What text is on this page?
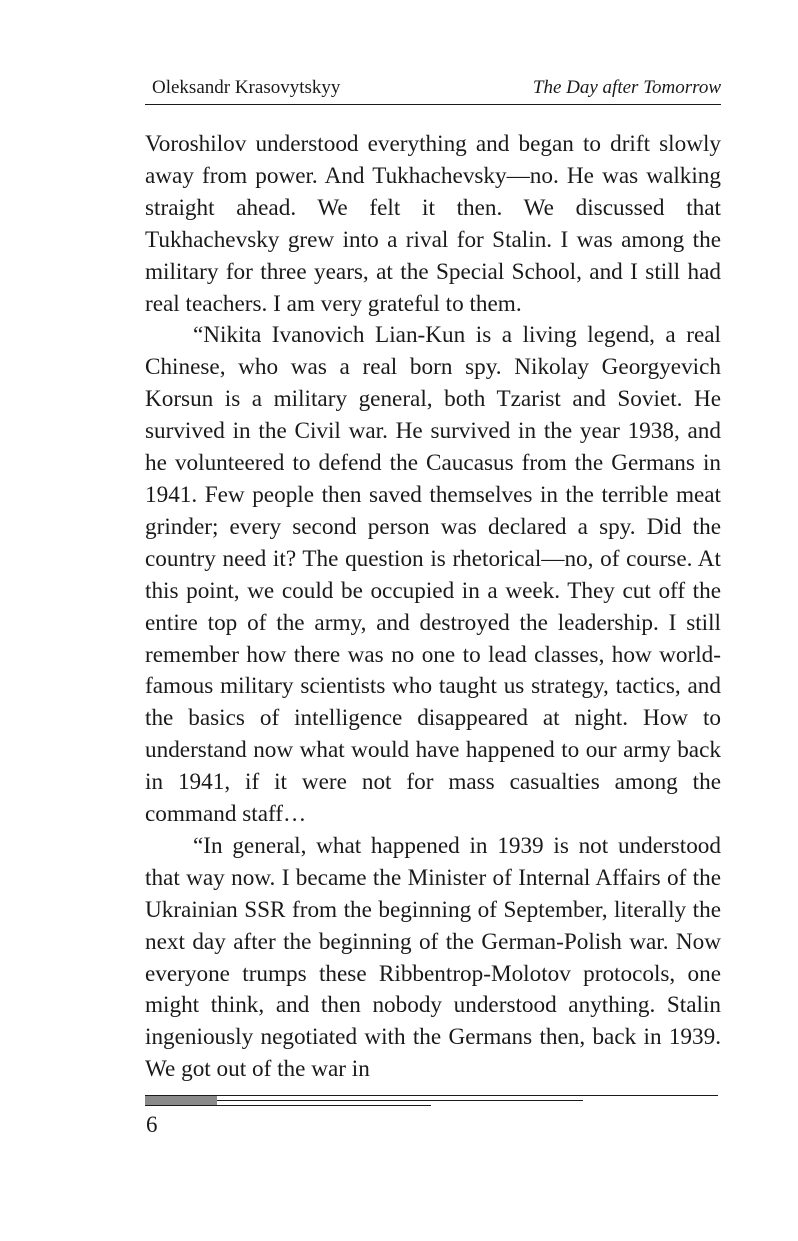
Oleksandr Krasovytskyy	The Day after Tomorrow

Voroshilov understood everything and began to drift slowly away from power. And Tukhachevsky—no. He was walking straight ahead. We felt it then. We discussed that Tukhachevsky grew into a rival for Stalin. I was among the military for three years, at the Special School, and I still had real teachers. I am very grateful to them.

“Nikita Ivanovich Lian-Kun is a living legend, a real Chinese, who was a real born spy. Nikolay Georgyevich Korsun is a military general, both Tzarist and Soviet. He survived in the Civil war. He survived in the year 1938, and he volunteered to defend the Caucasus from the Germans in 1941. Few people then saved themselves in the terrible meat grinder; every second person was declared a spy. Did the country need it? The question is rhetorical—no, of course. At this point, we could be occupied in a week. They cut off the entire top of the army, and destroyed the leadership. I still remember how there was no one to lead classes, how world-famous military scientists who taught us strategy, tactics, and the basics of intelligence disappeared at night. How to understand now what would have happened to our army back in 1941, if it were not for mass casualties among the command staff…

“In general, what happened in 1939 is not understood that way now. I became the Minister of Internal Affairs of the Ukrainian SSR from the beginning of September, literally the next day after the beginning of the German-Polish war. Now everyone trumps these Ribbentrop-Molotov protocols, one might think, and then nobody understood anything. Stalin ingeniously negotiated with the Germans then, back in 1939. We got out of the war in

6
